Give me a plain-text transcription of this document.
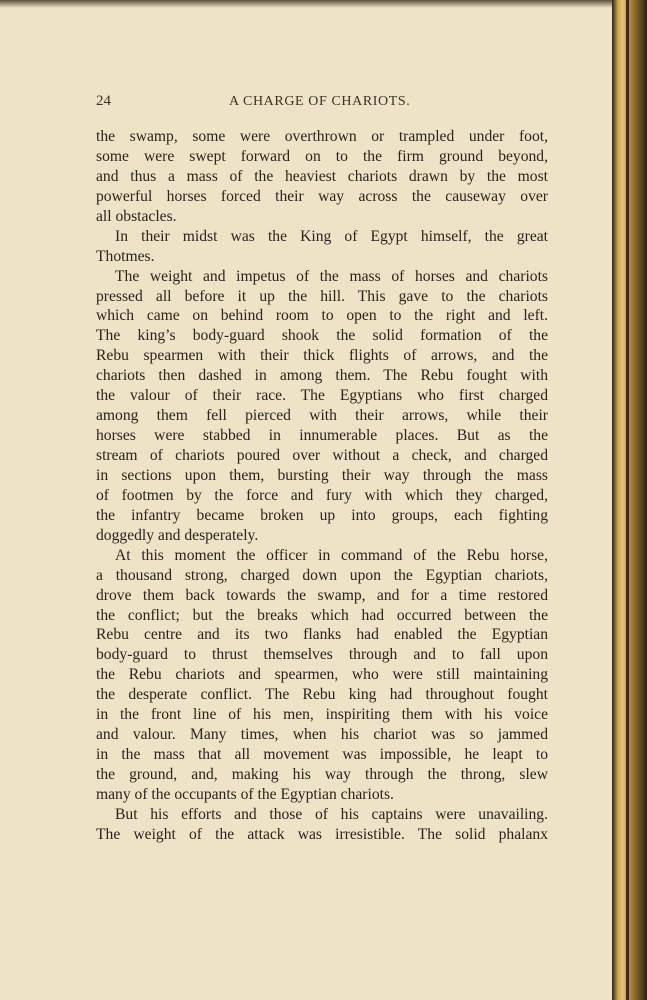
24	A CHARGE OF CHARIOTS.
the swamp, some were overthrown or trampled under foot,
some were swept forward on to the firm ground beyond,
and thus a mass of the heaviest chariots drawn by the most
powerful horses forced their way across the causeway over
all obstacles.
In their midst was the King of Egypt himself, the great
Thotmes.
The weight and impetus of the mass of horses and chariots
pressed all before it up the hill. This gave to the chariots
which came on behind room to open to the right and left.
The king’s body-guard shook the solid formation of the
Rebu spearmen with their thick flights of arrows, and the
chariots then dashed in among them. The Rebu fought with
the valour of their race. The Egyptians who first charged
among them fell pierced with their arrows, while their
horses were stabbed in innumerable places. But as the
stream of chariots poured over without a check, and charged
in sections upon them, bursting their way through the mass
of footmen by the force and fury with which they charged,
the infantry became broken up into groups, each fighting
doggedly and desperately.
At this moment the officer in command of the Rebu horse,
a thousand strong, charged down upon the Egyptian chariots,
drove them back towards the swamp, and for a time restored
the conflict; but the breaks which had occurred between the
Rebu centre and its two flanks had enabled the Egyptian
body-guard to thrust themselves through and to fall upon
the Rebu chariots and spearmen, who were still maintaining
the desperate conflict. The Rebu king had throughout fought
in the front line of his men, inspiriting them with his voice
and valour. Many times, when his chariot was so jammed
in the mass that all movement was impossible, he leapt to
the ground, and, making his way through the throng, slew
many of the occupants of the Egyptian chariots.
But his efforts and those of his captains were unavailing.
The weight of the attack was irresistible. The solid phalanx
